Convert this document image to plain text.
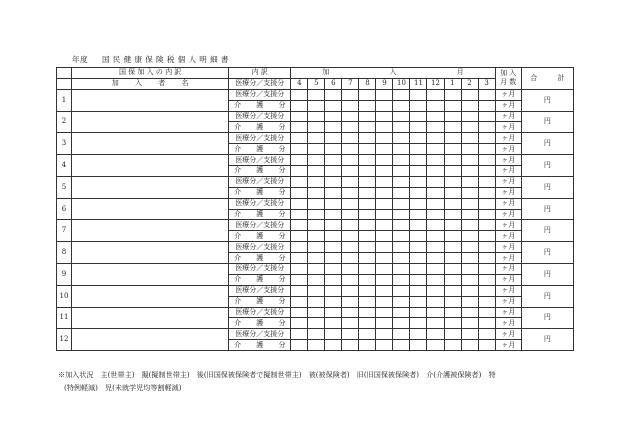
年度 国 民 健 康 保 険 税 個 人 明 細 書
	国 保 加 入 の 内 訳	内 訳	加 入 月												加 入
月 数	合 計
	加 入 者 名	医療分／支援分	4	5	6	7	8	9	10	11	12	1	2	3		
1		医療分／支援分													ヶ月	円
		介 護 分													ヶ月	
2		医療分／支援分													ヶ月	円
		介 護 分													ヶ月	
3		医療分／支援分													ヶ月	円
		介 護 分													ヶ月	
4		医療分／支援分													ヶ月	円
		介 護 分													ヶ月	
5		医療分／支援分													ヶ月	円
		介 護 分													ヶ月	
6		医療分／支援分													ヶ月	円
		介 護 分													ヶ月	
7		医療分／支援分													ヶ月	円
		介 護 分													ヶ月	
8		医療分／支援分													ヶ月	円
		介 護 分													ヶ月	
9		医療分／支援分													ヶ月	円
		介 護 分													ヶ月	
10		医療分／支援分													ヶ月	円
		介 護 分													ヶ月	
11		医療分／支援分													ヶ月	円
		介 護 分													ヶ月	
12		医療分／支援分													ヶ月	円
		介 護 分													ヶ月	
※加入状況　主(世帯主)　擬(擬制世帯主)　後(旧国保被保険者で擬制世帯主)　被(被保険者)　旧(旧国保被保険者)　介(介護被保険者)　特
(特例軽減)　児(未就学児均等割軽減)
